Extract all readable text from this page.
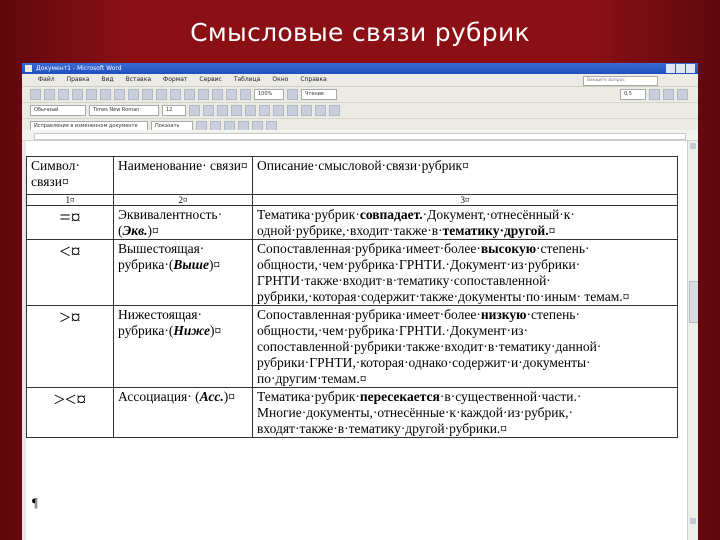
Смысловые связи рубрик
Документ1 - Microsoft Word
Файл Правка Вид Вставка Формат Сервис Таблица Окно Справка	Введите вопрос
100%	Чтение	0,5
Обычный	Times New Roman	12
Исправления в измененном документе	Показать
Символ· связи¤	Наименование· связи¤	Описание·смысловой·связи·рубрик¤
1¤	2¤	3¤
=¤	Эквивалентность· (Экв.)¤	Тематика·рубрик·совпадает.·Документ,·отнесённый·к· одной·рубрике,·входит·также·в·тематику·другой.¤
<¤	Вышестоящая· рубрика·(Выше)¤	Сопоставленная·рубрика·имеет·более·высокую·степень· общности,·чем·рубрика·ГРНТИ.·Документ·из·рубрики· ГРНТИ·также·входит·в·тематику·сопоставленной· рубрики,·которая·содержит·также·документы·по·иным· темам.¤
>¤	Нижестоящая· рубрика·(Ниже)¤	Сопоставленная·рубрика·имеет·более·низкую·степень· общности,·чем·рубрика·ГРНТИ.·Документ·из· сопоставленной·рубрики·также·входит·в·тематику·данной· рубрики·ГРНТИ,·которая·однако·содержит·и·документы· по·другим·темам.¤
><¤	Ассоциация· (Асс.)¤	Тематика·рубрик·пересекается·в·существенной·части.· Многие·документы,·отнесённые·к·каждой·из·рубрик,· входят·также·в·тематику·другой·рубрики.¤
¶
